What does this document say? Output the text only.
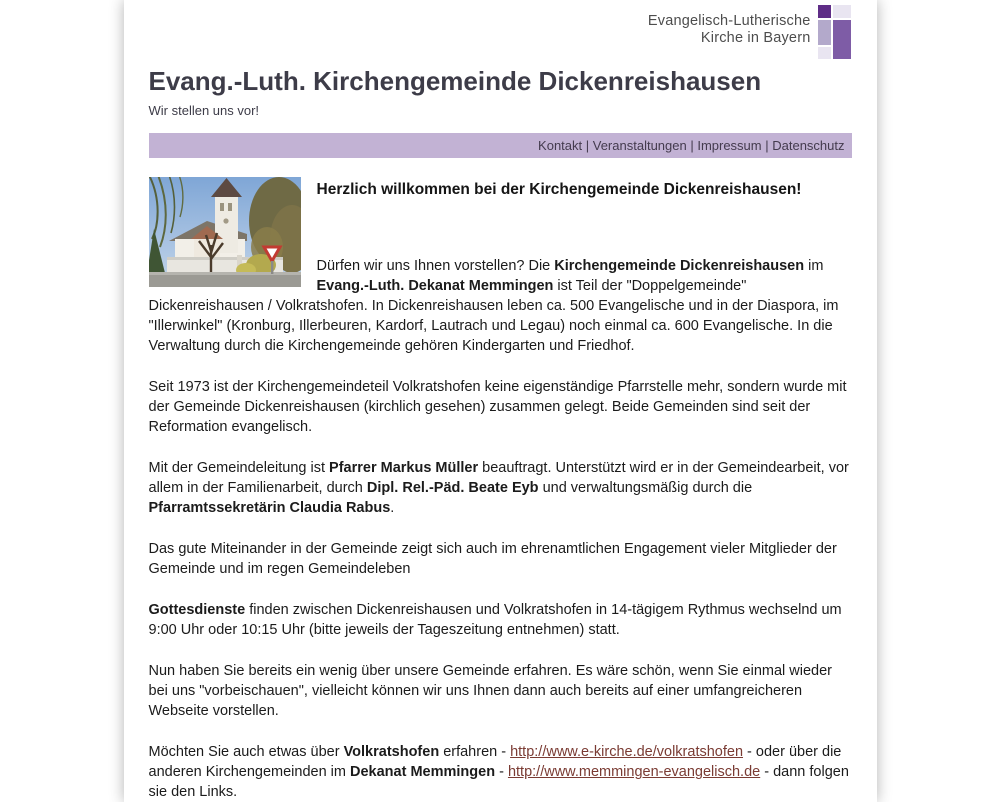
Evangelisch-Lutherische
Kirche in Bayern
Evang.-Luth. Kirchengemeinde Dickenreishausen
Wir stellen uns vor!
Kontakt | Veranstaltungen | Impressum | Datenschutz
Herzlich willkommen bei der Kirchengemeinde Dickenreishausen!

Dürfen wir uns Ihnen vorstellen? Die Kirchengemeinde Dickenreishausen im Evang.-Luth. Dekanat Memmingen ist Teil der "Doppelgemeinde" Dickenreishausen / Volkratshofen. In Dickenreishausen leben ca. 500 Evangelische und in der Diaspora, im "Illerwinkel" (Kronburg, Illerbeuren, Kardorf, Lautrach und Legau) noch einmal ca. 600 Evangelische. In die Verwaltung durch die Kirchengemeinde gehören Kindergarten und Friedhof.

Seit 1973 ist der Kirchengemeindeteil Volkratshofen keine eigenständige Pfarrstelle mehr, sondern wurde mit der Gemeinde Dickenreishausen (kirchlich gesehen) zusammen gelegt. Beide Gemeinden sind seit der Reformation evangelisch.

Mit der Gemeindeleitung ist Pfarrer Markus Müller beauftragt. Unterstützt wird er in der Gemeindearbeit, vor allem in der Familienarbeit, durch Dipl. Rel.-Päd. Beate Eyb und verwaltungsmäßig durch die Pfarramtssekretärin Claudia Rabus.

Das gute Miteinander in der Gemeinde zeigt sich auch im ehrenamtlichen Engagement vieler Mitglieder der Gemeinde und im regen Gemeindeleben

Gottesdienste finden zwischen Dickenreishausen und Volkratshofen in 14-tägigem Rythmus wechselnd um 9:00 Uhr oder 10:15 Uhr (bitte jeweils der Tageszeitung entnehmen) statt.

Nun haben Sie bereits ein wenig über unsere Gemeinde erfahren. Es wäre schön, wenn Sie einmal wieder bei uns "vorbeischauen", vielleicht können wir uns Ihnen dann auch bereits auf einer umfangreicheren Webseite vorstellen.

Möchten Sie auch etwas über Volkratshofen erfahren - http://www.e-kirche.de/volkratshofen - oder über die anderen Kirchengemeinden im Dekanat Memmingen - http://www.memmingen-evangelisch.de - dann folgen sie den Links.
